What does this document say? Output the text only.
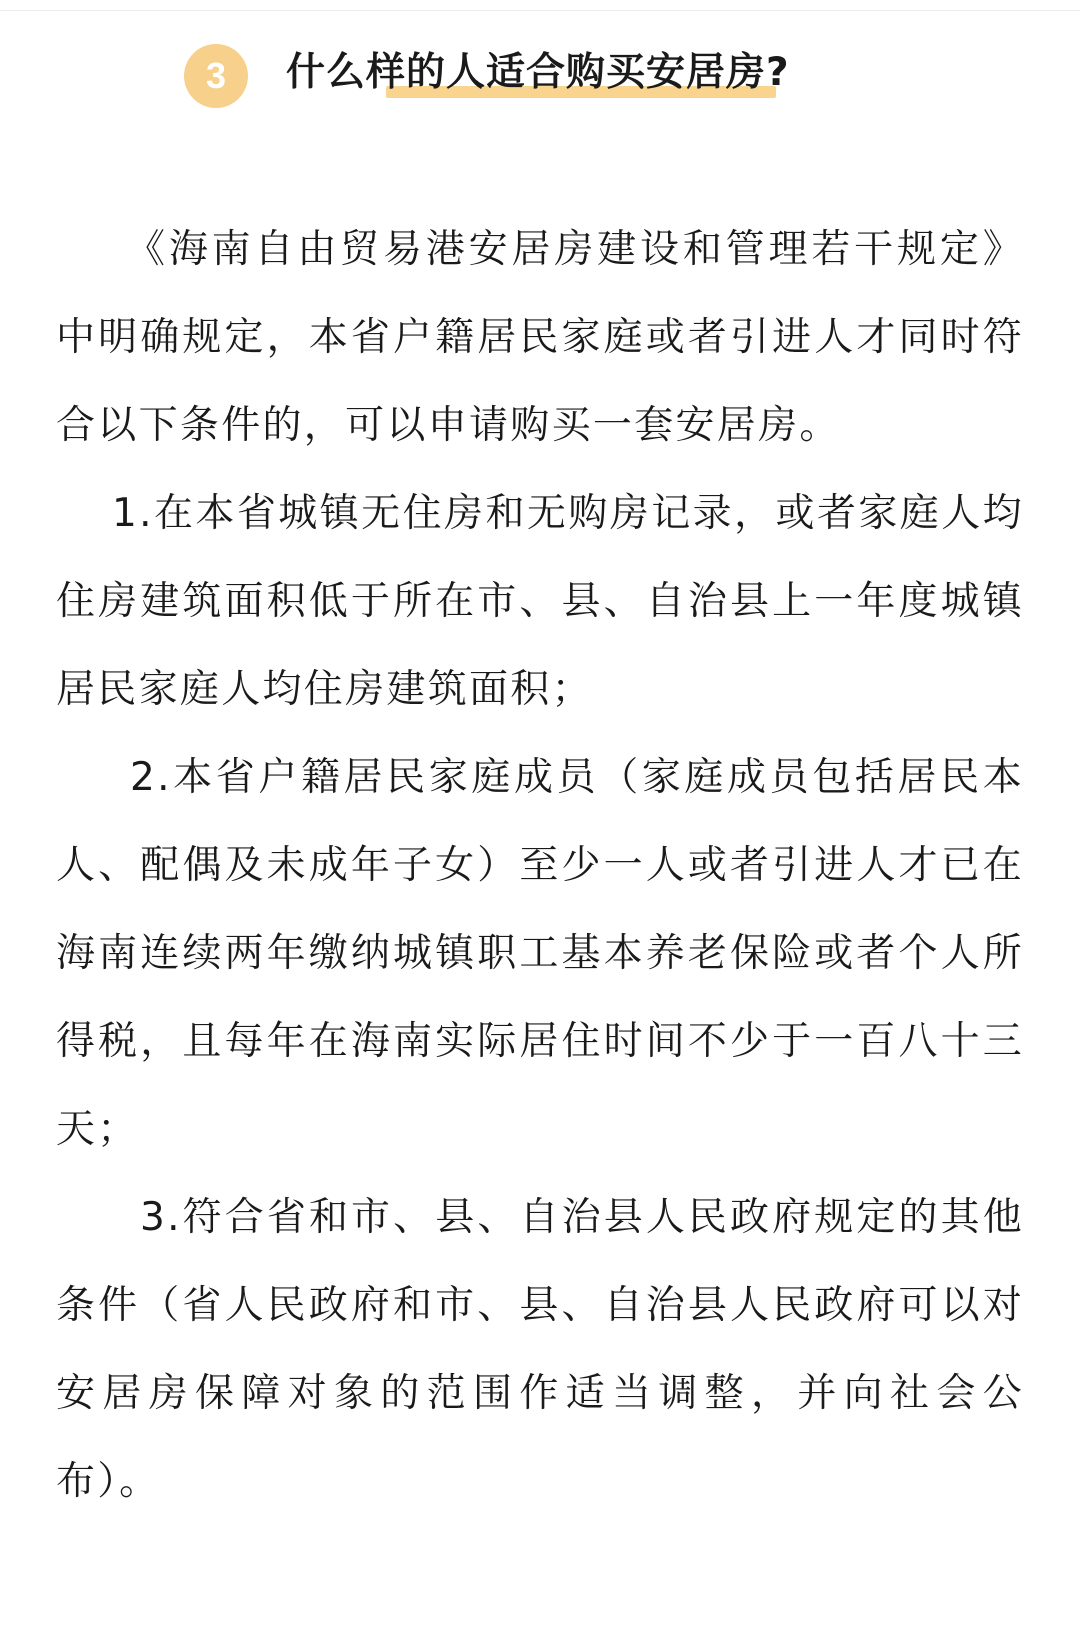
3	什么样的人适合购买安居房?

《海南自由贸易港安居房建设和管理若干规定》中明确规定，本省户籍居民家庭或者引进人才同时符合以下条件的，可以申请购买一套安居房。

1.在本省城镇无住房和无购房记录，或者家庭人均住房建筑面积低于所在市、县、自治县上一年度城镇居民家庭人均住房建筑面积；

2.本省户籍居民家庭成员（家庭成员包括居民本人、配偶及未成年子女）至少一人或者引进人才已在海南连续两年缴纳城镇职工基本养老保险或者个人所得税，且每年在海南实际居住时间不少于一百八十三天；

3.符合省和市、县、自治县人民政府规定的其他条件（省人民政府和市、县、自治县人民政府可以对安居房保障对象的范围作适当调整，并向社会公布）。
